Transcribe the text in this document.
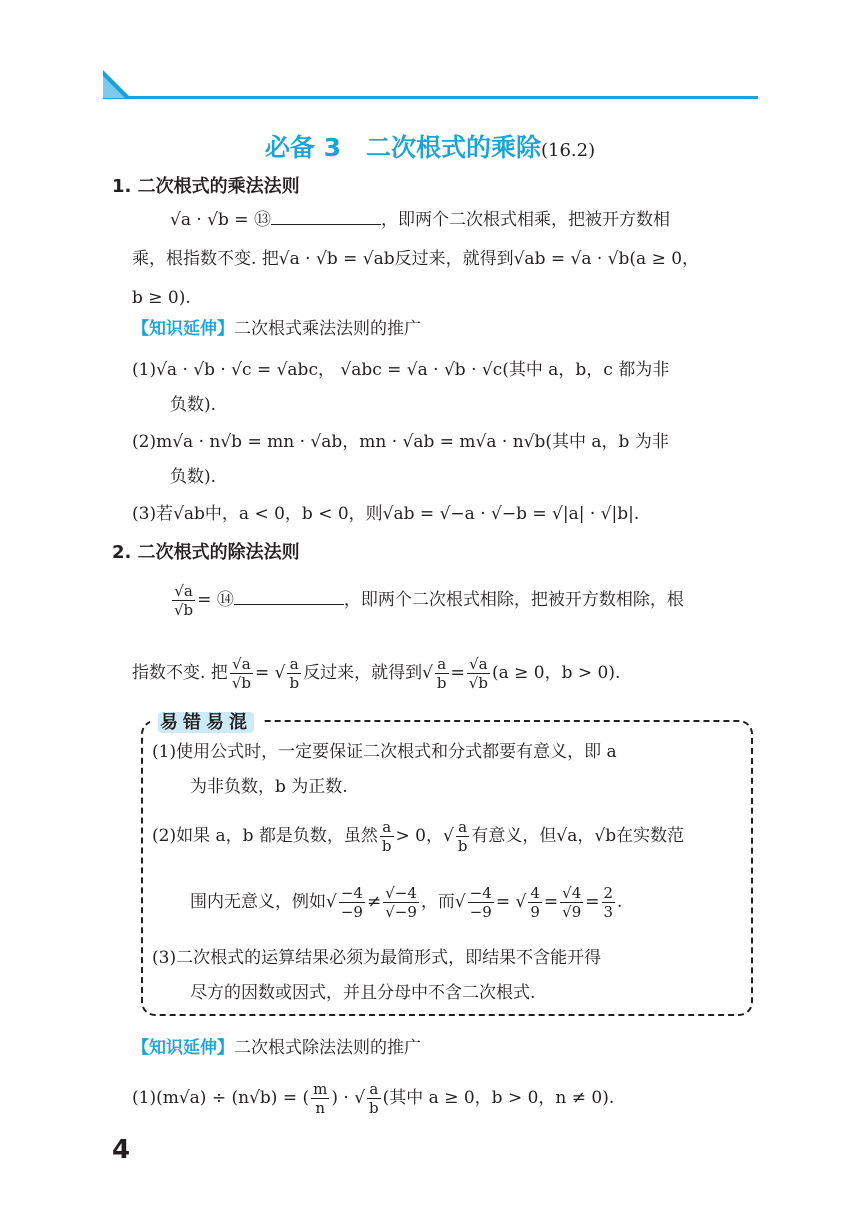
必备 3　二次根式的乘除(16.2)
1. 二次根式的乘法法则
√a · √b = ⑬	，即两个二次根式相乘，把被开方数相
乘，根指数不变. 把√a · √b = √ab反过来，就得到√ab = √a · √b(a ≥ 0，
b ≥ 0).
【知识延伸】二次根式乘法法则的推广
(1)√a · √b · √c = √abc， √abc = √a · √b · √c(其中 a，b，c 都为非
负数).
(2)m√a · n√b = mn · √ab，mn · √ab = m√a · n√b(其中 a，b 为非
负数).
(3)若√ab中，a < 0，b < 0，则√ab = √−a · √−b = √|a| · √|b|.
2. 二次根式的除法法则
$\frac{√a}{√b}$ = ⑭	，即两个二次根式相除，把被开方数相除，根
指数不变. 把 $\frac{√a}{√b}$ = √ $\frac{a}{b}$ 反过来，就得到√ $\frac{a}{b} = \frac{√a}{√b} (a \ge 0$，b > 0).
易错易混
(1)使用公式时，一定要保证二次根式和分式都要有意义，即 a
为非负数，b 为正数.
(2)如果 a，b 都是负数，虽然 $\frac{a}{b} > 0$，√ $\frac{a}{b}$ 有意义，但√a，√b在实数范
围内无意义，例如√ $\frac{-4}{-9} \ne \frac{√-4}{√-9}$ ，而√ $\frac{-4}{-9}$ = √ $\frac{4}{9} = \frac{√4}{√9} = \frac{2}{3}$ .
(3)二次根式的运算结果必须为最简形式，即结果不含能开得
尽方的因数或因式，并且分母中不含二次根式.
【知识延伸】二次根式除法法则的推广
(1)(m√a) ÷ (n√b) = ( $\frac{m}{n}$ ) · √ $\frac{a}{b}$ (其中 a ≥ 0，b > 0，n ≠ 0).
4
